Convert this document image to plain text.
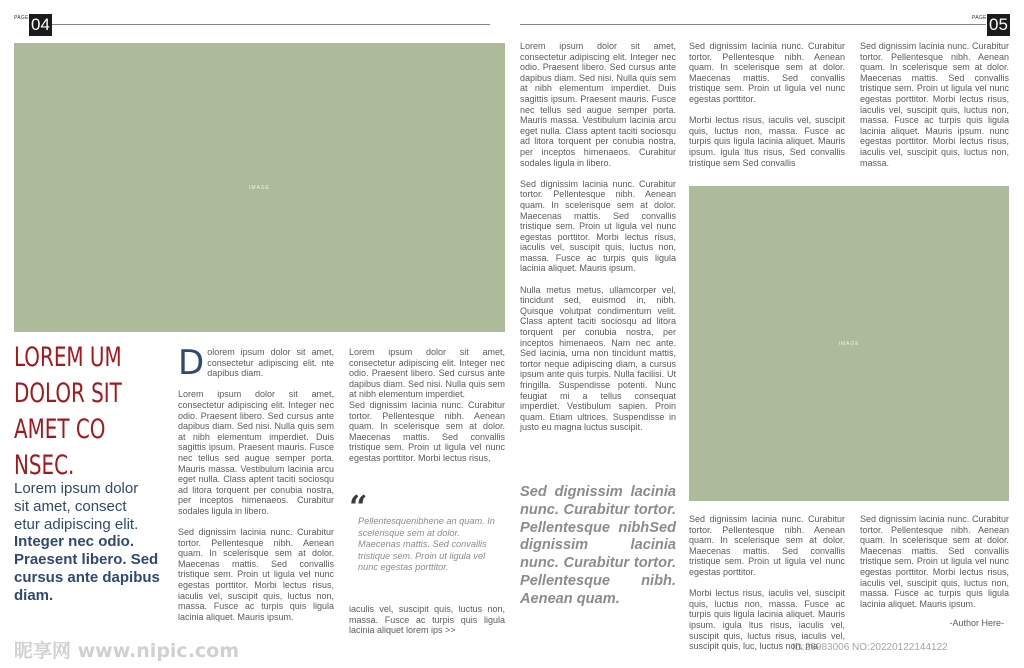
PAGE 04	PAGE 05
IMAGE
IMAGE
LOREM UM
DOLOR SIT
AMET CO
NSEC.
Lorem ipsum dolor
sit amet, consect
etur adipiscing elit.
Integer nec odio. Praesent libero. Sed cursus ante dapibus diam.

Dolorem ipsum dolor sit amet, consectetur adipiscing elit. nte dapibus diam.

Lorem ipsum dolor sit amet, consectetur adipiscing elit. Integer nec odio. Praesent libero. Sed cursus ante dapibus diam. Sed nisi. Nulla quis sem at nibh elementum imperdiet. Duis sagittis ipsum. Praesent mauris. Fusce nec tellus sed augue semper porta. Mauris massa. Vestibulum lacinia arcu eget nulla. Class aptent taciti sociosqu ad litora torquent per conubia nostra, per inceptos himenaeos. Curabitur sodales ligula in libero.

Sed dignissim lacinia nunc. Curabitur tortor. Pellentesque nibh. Aenean quam. In scelerisque sem at dolor. Maecenas mattis. Sed convallis tristique sem. Proin ut ligula vel nunc egestas porttitor. Morbi lectus risus, iaculis vel, suscipit quis, luctus non, massa. Fusce ac turpis quis ligula lacinia aliquet. Mauris ipsum.

Lorem ipsum dolor sit amet, consectetur adipiscing elit. Integer nec odio. Praesent libero. Sed cursus ante dapibus diam. Sed nisi. Nulla quis sem at nibh elementum imperdiet.

Sed dignissim lacinia nunc. Curabitur tortor. Pellentesque nibh. Aenean quam. In scelerisque sem at dolor. Maecenas mattis. Sed convallis tristique sem. Proin ut ligula vel nunc egestas porttitor. Morbi lectus risus,

“
Pellentesquenibhene an quam. In scelerisque sem at dolor. Maecenas mattis. Sed convallis tristique sem. Proin ut ligula vel nunc egestas porttitor.

iaculis vel, suscipit quis, luctus non, massa. Fusce ac turpis quis ligula lacinia aliquet lorem ips >>

Lorem ipsum dolor sit amet, consectetur adipiscing elit. Integer nec odio. Praesent libero. Sed cursus ante dapibus diam. Sed nisi. Nulla quis sem at nibh elementum imperdiet. Duis sagittis ipsum. Praesent mauris. Fusce nec tellus sed augue semper porta. Mauris massa. Vestibulum lacinia arcu eget nulla. Class aptent taciti sociosqu ad litora torquent per conubia nostra, per inceptos himenaeos. Curabitur sodales ligula in libero.

Sed dignissim lacinia nunc. Curabitur tortor. Pellentesque nibh. Aenean quam. In scelerisque sem at dolor. Maecenas mattis. Sed convallis tristique sem. Proin ut ligula vel nunc egestas porttitor. Morbi lectus risus, iaculis vel, suscipit quis, luctus non, massa. Fusce ac turpis quis ligula lacinia aliquet. Mauris ipsum.

Nulla metus metus, ullamcorper vel, tincidunt sed, euismod in, nibh. Quisque volutpat condimentum velit. Class aptent taciti sociosqu ad litora torquent per conubia nostra, per inceptos himenaeos. Nam nec ante. Sed lacinia, urna non tincidunt mattis, tortor neque adipiscing diam, a cursus ipsum ante quis turpis. Nulla facilisi. Ut fringilla. Suspendisse potenti. Nunc feugiat mi a tellus consequat imperdiet. Vestibulum sapien. Proin quam. Etiam ultrices. Suspendisse in justo eu magna luctus suscipit.

Sed dignissim lacinia nunc. Curabitur tortor. Pellentesque nibhSed dignissim lacinia nunc. Curabitur tortor. Pellentesque nibh. Aenean quam.

Sed dignissim lacinia nunc. Curabitur tortor. Pellentesque nibh. Aenean quam. In scelerisque sem at dolor. Maecenas mattis. Sed convallis tristique sem. Proin ut ligula vel nunc egestas porttitor.

Morbi lectus risus, iaculis vel, suscipit quis, luctus non, massa. Fusce ac turpis quis ligula lacinia aliquet. Mauris ipsum. igula ltus risus, Sed convallis tristique sem Sed convallis

Sed dignissim lacinia nunc. Curabitur tortor. Pellentesque nibh. Aenean quam. In scelerisque sem at dolor. Maecenas mattis. Sed convallis tristique sem. Proin ut ligula vel nunc egestas porttitor.

Morbi lectus risus, iaculis vel, suscipit quis, luctus non, massa. Fusce ac turpis quis ligula lacinia aliquet. Mauris ipsum. igula ltus risus, iaculis vel, suscipit quis, luctus risus, iaculis vel, suscipit quis, luc, luctus non, ma

Sed dignissim lacinia nunc. Curabitur tortor. Pellentesque nibh. Aenean quam. In scelerisque sem at dolor. Maecenas mattis. Sed convallis tristique sem. Proin ut ligula vel nunc egestas porttitor. Morbi lectus risus, iaculis vel, suscipit quis, luctus non, massa. Fusce ac turpis quis ligula lacinia aliquet. Mauris ipsum. nunc egestas porttitor. Morbi lectus risus, iaculis vel, suscipit quis, luctus non, massa.

Sed dignissim lacinia nunc. Curabitur tortor. Pellentesque nibh. Aenean quam. In scelerisque sem at dolor. Maecenas mattis. Sed convallis tristique sem. Proin ut ligula vel nunc egestas porttitor. Morbi lectus risus, iaculis vel, suscipit quis, luctus non, massa. Fusce ac turpis quis ligula lacinia aliquet. Mauris ipsum.

-Author Here-
昵享网 www.nipic.com	ID:26983006 NO:20220122144122
